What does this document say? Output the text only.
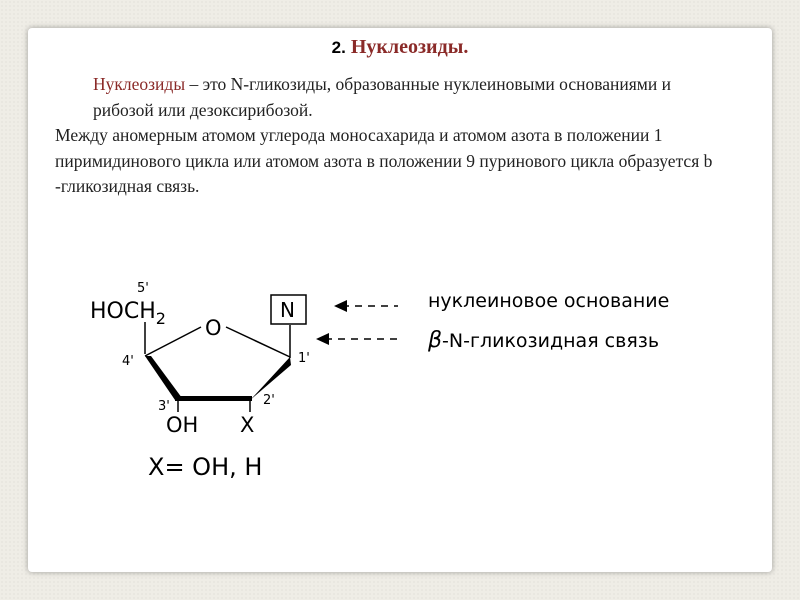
2. Нуклеозиды.

Нуклеозиды – это N-гликозиды, образованные нуклеиновыми основаниями и рибозой или дезоксирибозой.

Между аномерным атомом углерода моносахарида и атомом азота в положении 1 пиримидинового цикла или атомом азота в положении 9 пуринового цикла образуется b -гликозидная связь.

5'
$HOCH_2$ O
4'	1'
3'	2'
OH X
N
X= OH, H
нуклеиновое основание
β-N-гликозидная связь
